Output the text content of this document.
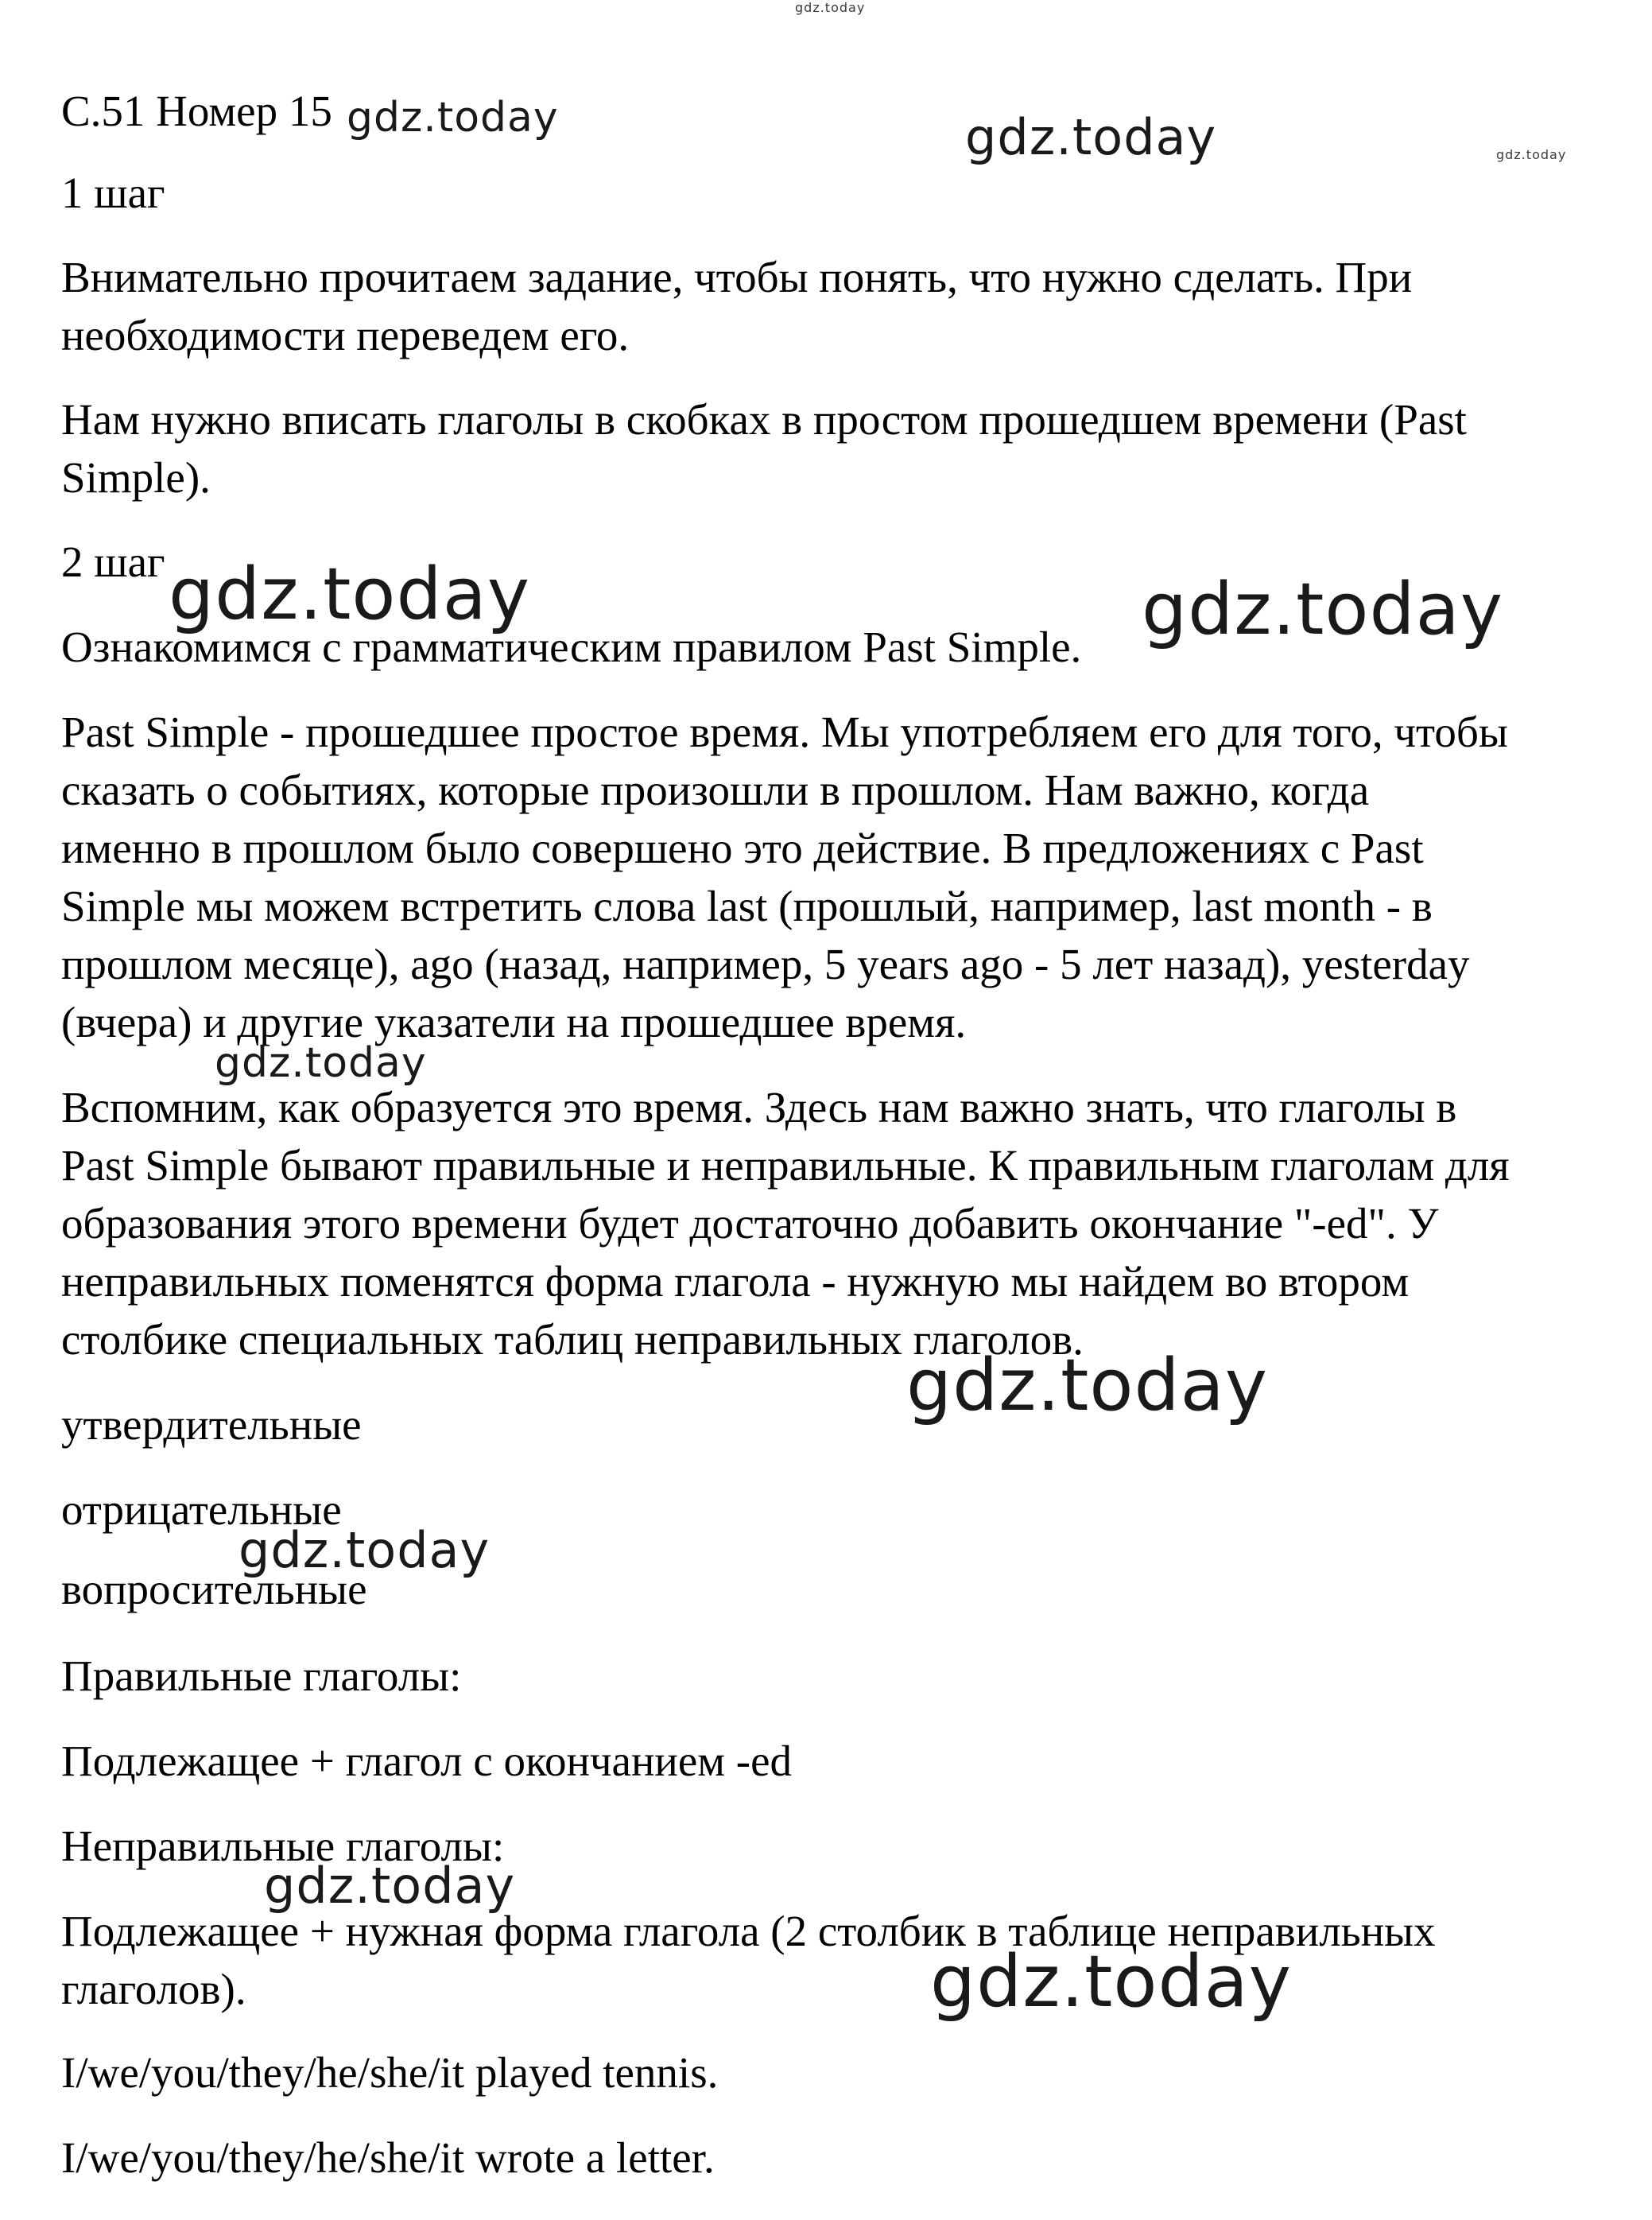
С.51 Номер 15

1 шаг

Внимательно прочитаем задание, чтобы понять, что нужно сделать. При

необходимости переведем его.

Нам нужно вписать глаголы в скобках в простом прошедшем времени (Past

Simple).

2 шаг

Ознакомимся с грамматическим правилом Past Simple.

Past Simple - прошедшее простое время. Мы употребляем его для того, чтобы

сказать о событиях, которые произошли в прошлом. Нам важно, когда

именно в прошлом было совершено это действие. В предложениях с Past

Simple мы можем встретить слова last (прошлый, например, last month - в

прошлом месяце), ago (назад, например, 5 years ago - 5 лет назад), yesterday

(вчера) и другие указатели на прошедшее время.

Вспомним, как образуется это время. Здесь нам важно знать, что глаголы в

Past Simple бывают правильные и неправильные. К правильным глаголам для

образования этого времени будет достаточно добавить окончание "-ed". У

неправильных поменятся форма глагола - нужную мы найдем во втором

столбике специальных таблиц неправильных глаголов.

утвердительные

отрицательные

вопросительные

Правильные глаголы:

Подлежащее + глагол с окончанием -ed

Неправильные глаголы:

Подлежащее + нужная форма глагола (2 столбик в таблице неправильных

глаголов).

I/we/you/they/he/she/it played tennis.

I/we/you/they/he/she/it wrote a letter.

gdz.today
gdz.today	gdz.today	gdz.today
gdz.today	gdz.today
gdz.today
gdz.today
gdz.today
gdz.today
gdz.today
